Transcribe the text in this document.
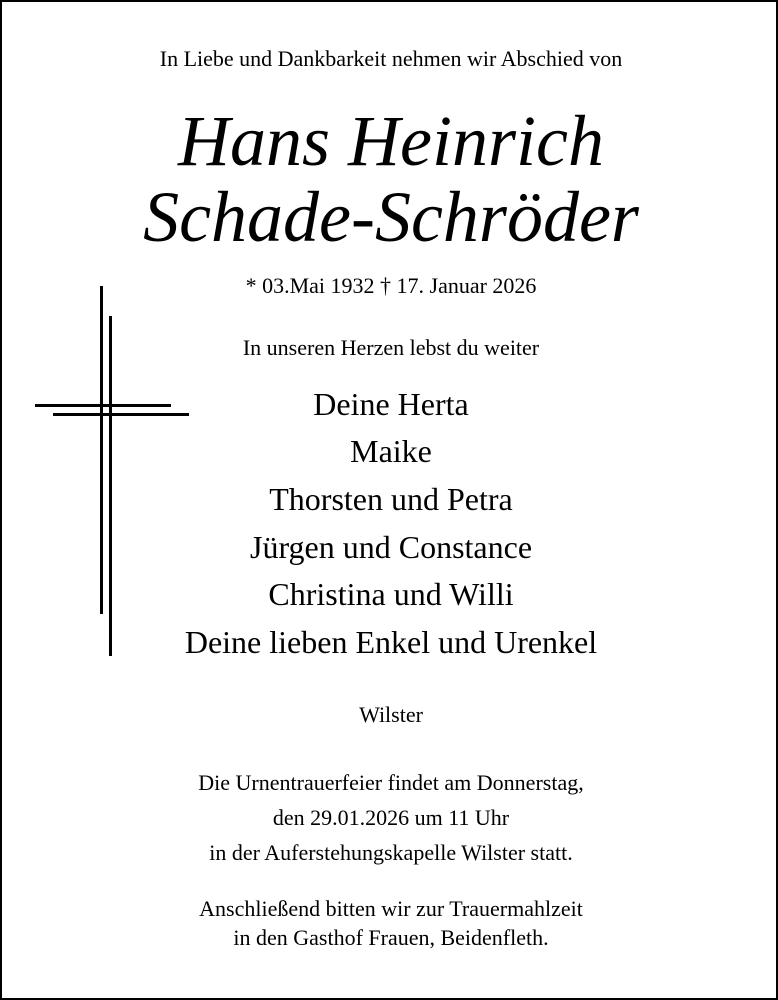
In Liebe und Dankbarkeit nehmen wir Abschied von
Hans Heinrich
Schade-Schröder
* 03.Mai 1932 † 17. Januar 2026
In unseren Herzen lebst du weiter
Deine Herta
Maike
Thorsten und Petra
Jürgen und Constance
Christina und Willi
Deine lieben Enkel und Urenkel
Wilster
Die Urnentrauerfeier findet am Donnerstag,
den 29.01.2026 um 11 Uhr
in der Auferstehungskapelle Wilster statt.
Anschließend bitten wir zur Trauermahlzeit
in den Gasthof Frauen, Beidenfleth.
